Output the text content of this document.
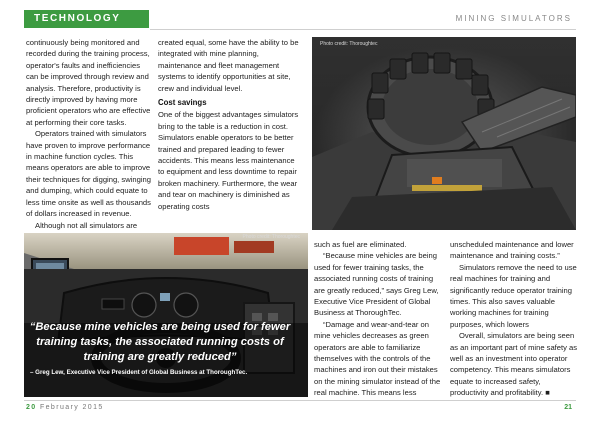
TECHNOLOGY	MINING SIMULATORS

continuously being monitored and recorded during the training process, operator's faults and inefficiencies can be improved through review and analysis. Therefore, productivity is directly improved by having more proficient operators who are effective at performing their core tasks.

Operators trained with simulators have proven to improve performance in machine function cycles. This means operators are able to improve their techniques for digging, swinging and dumping, which could equate to less time onsite as well as thousands of dollars increased in revenue.

Although not all simulators are

created equal, some have the ability to be integrated with mine planning, maintenance and fleet management systems to identify opportunities at site, crew and individual level.

Cost savings

One of the biggest advantages simulators bring to the table is a reduction in cost. Simulators enable operators to be better trained and prepared leading to fewer accidents. This means less maintenance to equipment and less downtime to repair broken machinery. Furthermore, the wear and tear on machinery is diminished as operating costs

Photo credit: Thoroughtec
Photo credit: Thoroughtec
“Because mine vehicles are being used for fewer training tasks, the associated running costs of training are greatly reduced”
– Greg Lew, Executive Vice President of Global Business at ThoroughTec.

such as fuel are eliminated.

“Because mine vehicles are being used for fewer training tasks, the associated running costs of training are greatly reduced,” says Greg Lew, Executive Vice President of Global Business at ThoroughTec.

“Damage and wear-and-tear on mine vehicles decreases as green operators are able to familiarize themselves with the controls of the machines and iron out their mistakes on the mining simulator instead of the real machine. This means less

unscheduled maintenance and lower maintenance and training costs.”

Simulators remove the need to use real machines for training and significantly reduce operator training times. This also saves valuable working machines for training purposes, which lowers

Overall, simulators are being seen as an important part of mine safety as well as an investment into operator competency. This means simulators equate to increased safety, productivity and profitability. ■

20 February 2015	21
